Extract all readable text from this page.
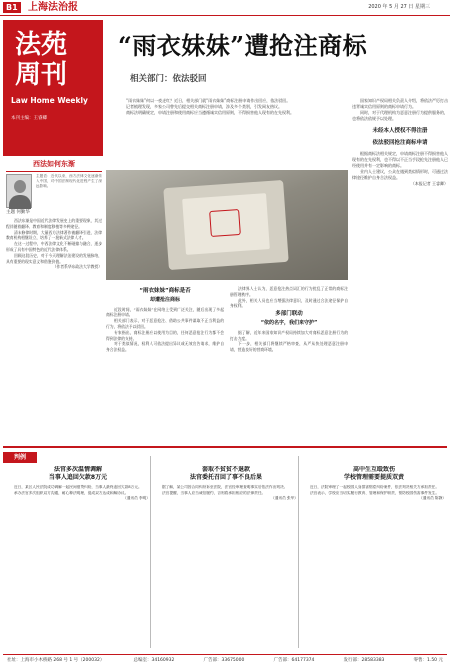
B1	上海法治报	2020 年 5 月 27 日 星期三
法苑
周刊
Law Home Weekly
本刊主编：王睿卿
“雨衣妹妹”遭抢注商标
相关部门：依法驳回

“雨衣妹妹”何以一夜走红？近日，相关部门就“雨衣妹妹”商标注册申请作出回应，依法驳回。

记者梳理发现，多家公司曾先后提交相关商标注册申请，涉及多个类别，引发网友热议。

商标法明确规定，申请注册和使用商标应当遵循诚实信用原则，不得损害他人现有的在先权利。

国家知识产权局相关负责人介绍，将依法严厉打击违背诚实信用原则的商标申请行为。

同时，对于代理机构为恶意注册行为提供服务的，也将依法依规予以处理。

未经本人授权不得注册

依法驳回抢注商标申请

根据商标法相关规定，申请商标注册不得损害他人现有的在先权利，也不得以不正当手段抢先注册他人已经使用并有一定影响的商标。

业内人士建议，公众在遇到类似情形时，可通过法律途径维护自身合法权益。

（本报记者 王睿卿）

西法如何东渐
主题 何勤华
主题语：近代以来，西方法律文化逐渐传入中国，对中国法制现代化进程产生了深远影响。

西法东渐是中国近代法律发展史上的重要现象，其过程伴随着翻译、教育和制度移植等多种途径。

清末修律时期，大量西方法律著作被翻译引进，法律教育机构相继设立，培养了一批新式法律人才。

在这一过程中，中西法律文化不断碰撞与融合，逐步形成了具有中国特色的近代法律体系。

回顾这段历史，对于今天理解法治建设的发展脉络，具有重要的现实意义和借鉴价值。

（作者系华东政法大学教授）

“雨衣妹妹”商标是否

却遭抢注商标

近段时间，“雨衣妹妹”在网络上受到广泛关注，随后出现了多起商标注册申请。

相关部门表示，对于恶意抢注、借助公共事件谋取不正当利益的行为，将依法予以驳回。

专家指出，商标注册应以使用为目的，任何恶意抢注行为都不会得到法律的支持。

对于类似情况，权利人可依法提出异议或无效宣告请求，维护自身合法权益。

法律界人士认为，恶意抢注热点词汇的行为扰乱了正常的商标注册管理秩序。

此外，相关人员也应当增强法律意识，及时通过合法途径保护自身权利。

多部门联动

“依的名字，我们来守护”

据了解，近年来国家知识产权局持续加大对商标恶意注册行为的打击力度。

下一步，相关部门将继续严格审查，从严从快处理恶意注册申请，营造良好的营商环境。

判例

法官多次温情调解
当事人追回欠款8万元

近日，某区人民法院成功调解一起民间借贷纠纷，当事人最终追回欠款8万元。

承办法官多次组织双方沟通，耐心释法明理，促成双方达成和解协议。

（通讯员 李明）

套取不贫贫不退款
法官委托召回了事不良后果

据了解，某公司因合同纠纷诉至法院，法官经审理查明事实后依法作出判决。

法官提醒，当事人应当诚信履约，否则将承担相应的法律责任。

（通讯员 张华）

高中生互殴致伤
学校管理需要提质双责

近日，法院审理了一起校园人身损害赔偿纠纷案件，依法判决相关方承担责任。

法官表示，学校应当切实履行教育、管理和保护职责，预防校园伤害事件发生。

（通讯员 陈静）

社址：上海市小木桥路 268 号 1 号（200032）	总编室：34160932	广告部：33675000	广告部：64177374	发行部：28583383	零售：1.50 元
